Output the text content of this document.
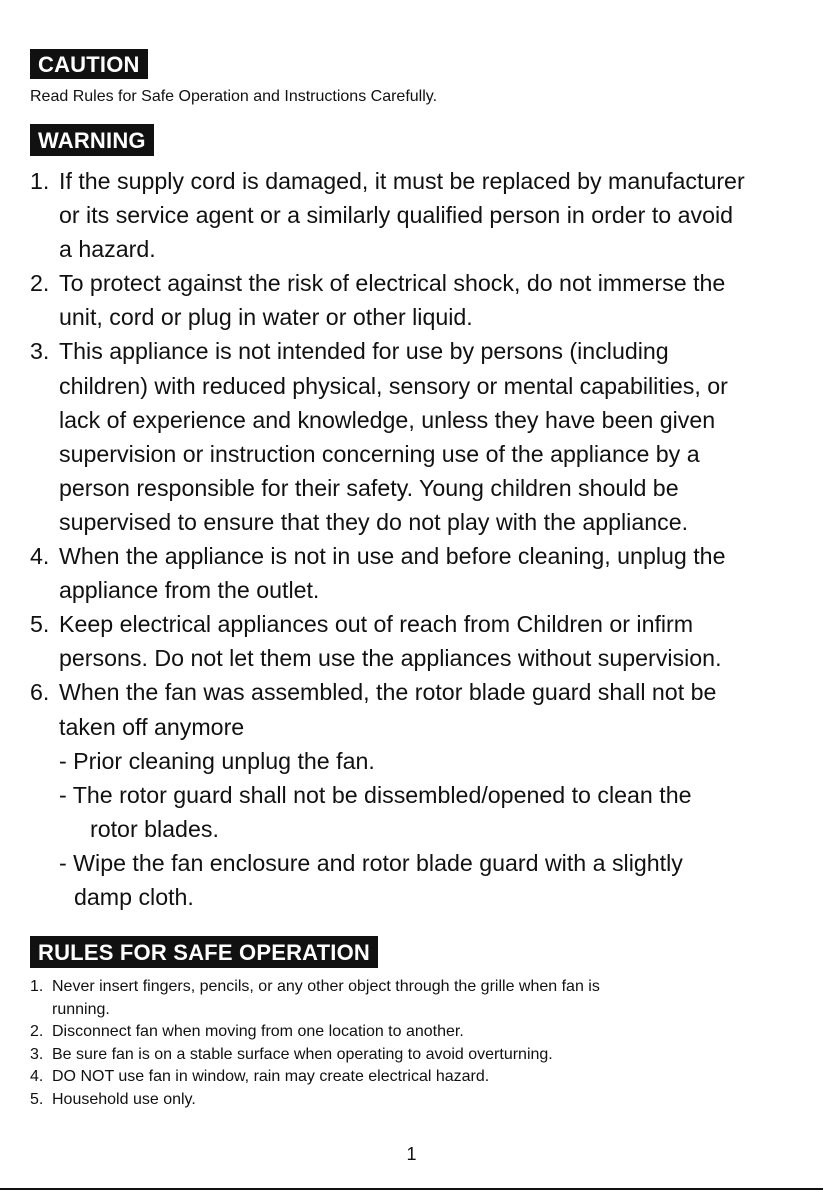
CAUTION
Read Rules for Safe Operation and Instructions Carefully.
WARNING
1. If the supply cord is damaged, it must be replaced by manufacturer
or its service agent or a similarly qualified person in order to avoid
a hazard.
2. To protect against the risk of electrical shock, do not immerse the
unit, cord or plug in water or other liquid.
3. This appliance is not intended for use by persons (including
children) with reduced physical, sensory or mental capabilities, or
lack of experience and knowledge, unless they have been given
supervision or instruction concerning use of the appliance by a
person responsible for their safety. Young children should be
supervised to ensure that they do not play with the appliance.
4. When the appliance is not in use and before cleaning, unplug the
appliance from the outlet.
5. Keep electrical appliances out of reach from Children or infirm
persons. Do not let them use the appliances without supervision.
6. When the fan was assembled, the rotor blade guard shall not be
taken off anymore
- Prior cleaning unplug the fan.
- The rotor guard shall not be dissembled/opened to clean the
rotor blades.
- Wipe the fan enclosure and rotor blade guard with a slightly
damp cloth.
RULES FOR SAFE OPERATION
1. Never insert fingers, pencils, or any other object through the grille when fan is
running.
2. Disconnect fan when moving from one location to another.
3. Be sure fan is on a stable surface when operating to avoid overturning.
4. DO NOT use fan in window, rain may create electrical hazard.
5. Household use only.
1
